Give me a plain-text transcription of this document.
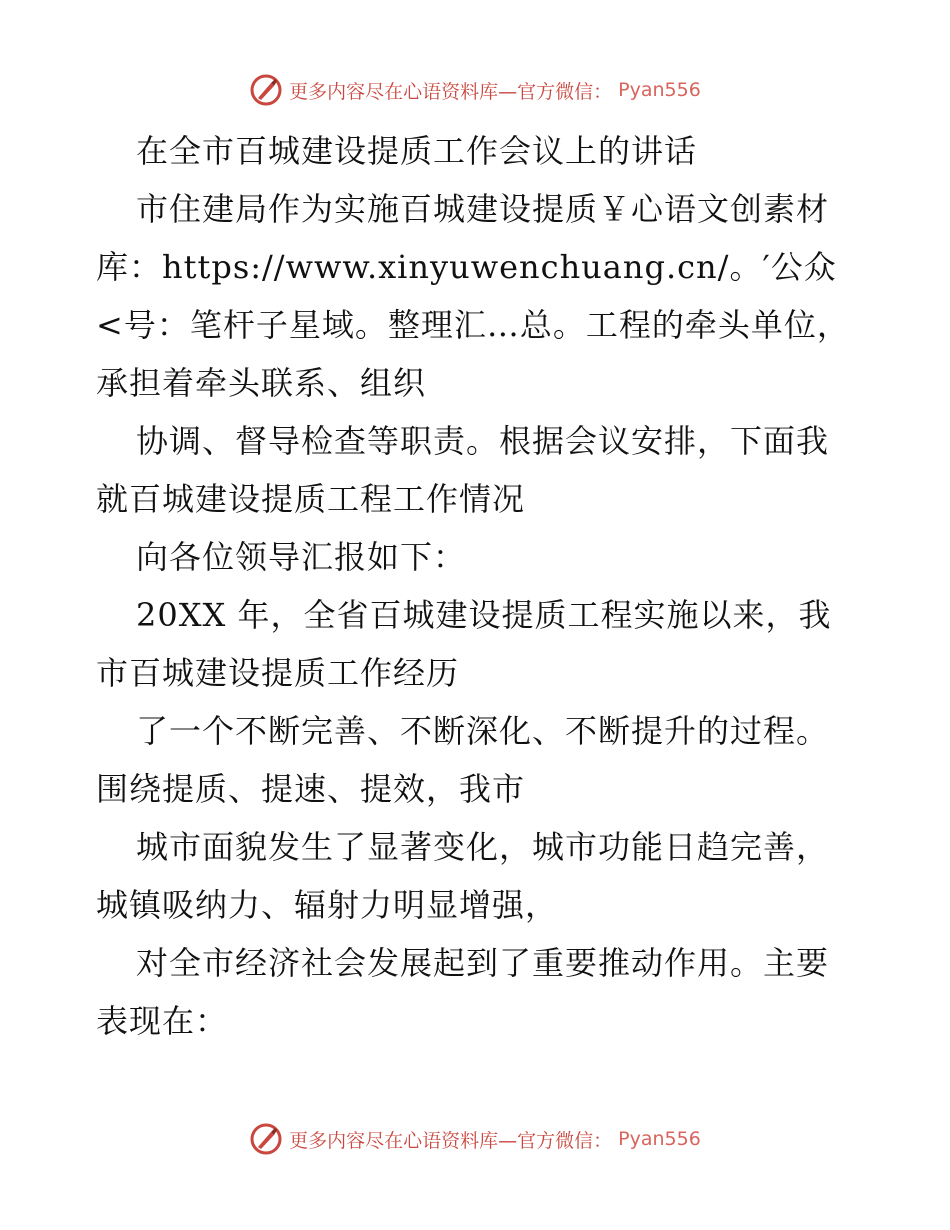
更多内容尽在心语资料库—官方微信： Pyan556

在全市百城建设提质工作会议上的讲话

市住建局作为实施百城建设提质￥心语文创素材库：https://www.xinyuwenchuang.cn/。′公众<号：笔杆子星域。整理汇…总。工程的牵头单位，承担着牵头联系、组织

协调、督导检查等职责。根据会议安排，下面我就百城建设提质工程工作情况

向各位领导汇报如下：

20XX 年，全省百城建设提质工程实施以来，我市百城建设提质工作经历

了一个不断完善、不断深化、不断提升的过程。围绕提质、提速、提效，我市

城市面貌发生了显著变化，城市功能日趋完善，城镇吸纳力、辐射力明显增强，

对全市经济社会发展起到了重要推动作用。主要表现在：

更多内容尽在心语资料库—官方微信： Pyan556
